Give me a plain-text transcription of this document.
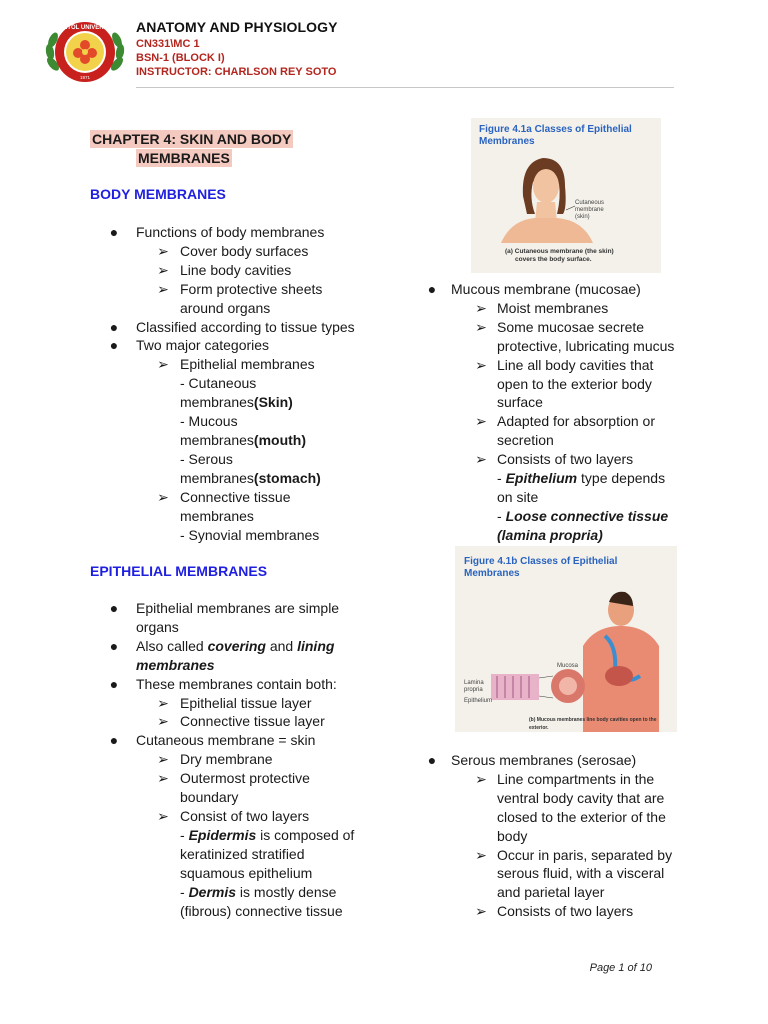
CAPITOL UNIVERSITY
1971
ANATOMY AND PHYSIOLOGY
CN331\MC 1
BSN-1 (BLOCK I)
INSTRUCTOR: CHARLSON REY SOTO
CHAPTER 4: SKIN AND BODY
MEMBRANES
BODY MEMBRANES
● Functions of body membranes
➢ Cover body surfaces
➢ Line body cavities
➢ Form protective sheets
around organs
● Classified according to tissue types
● Two major categories
➢ Epithelial membranes
- Cutaneous
membranes(Skin)
- Mucous
membranes(mouth)
- Serous
membranes(stomach)
➢ Connective tissue
membranes
- Synovial membranes
EPITHELIAL MEMBRANES
● Epithelial membranes are simple
organs
● Also called covering and lining
membranes
● These membranes contain both:
➢ Epithelial tissue layer
➢ Connective tissue layer
● Cutaneous membrane = skin
➢ Dry membrane
➢ Outermost protective
boundary
➢ Consist of two layers
- Epidermis is composed of
keratinized stratified
squamous epithelium
- Dermis is mostly dense
(fibrous) connective tissue
Figure 4.1a Classes of Epithelial
Membranes
Cutaneous
membrane
(skin)
(a) Cutaneous membrane (the skin)
covers the body surface.
● Mucous membrane (mucosae)
➢ Moist membranes
➢ Some mucosae secrete
protective, lubricating mucus
➢ Line all body cavities that
open to the exterior body
surface
➢ Adapted for absorption or
secretion
➢ Consists of two layers
- Epithelium type depends
on site
- Loose connective tissue
(lamina propria)
Figure 4.1b Classes of Epithelial
Membranes
Mucosa
Lamina
propria
Epithelium
(b) Mucous membranes line body cavities open to the exterior.
● Serous membranes (serosae)
➢ Line compartments in the
ventral body cavity that are
closed to the exterior of the
body
➢ Occur in paris, separated by
serous fluid, with a visceral
and parietal layer
➢ Consists of two layers
Page 1 of 10
